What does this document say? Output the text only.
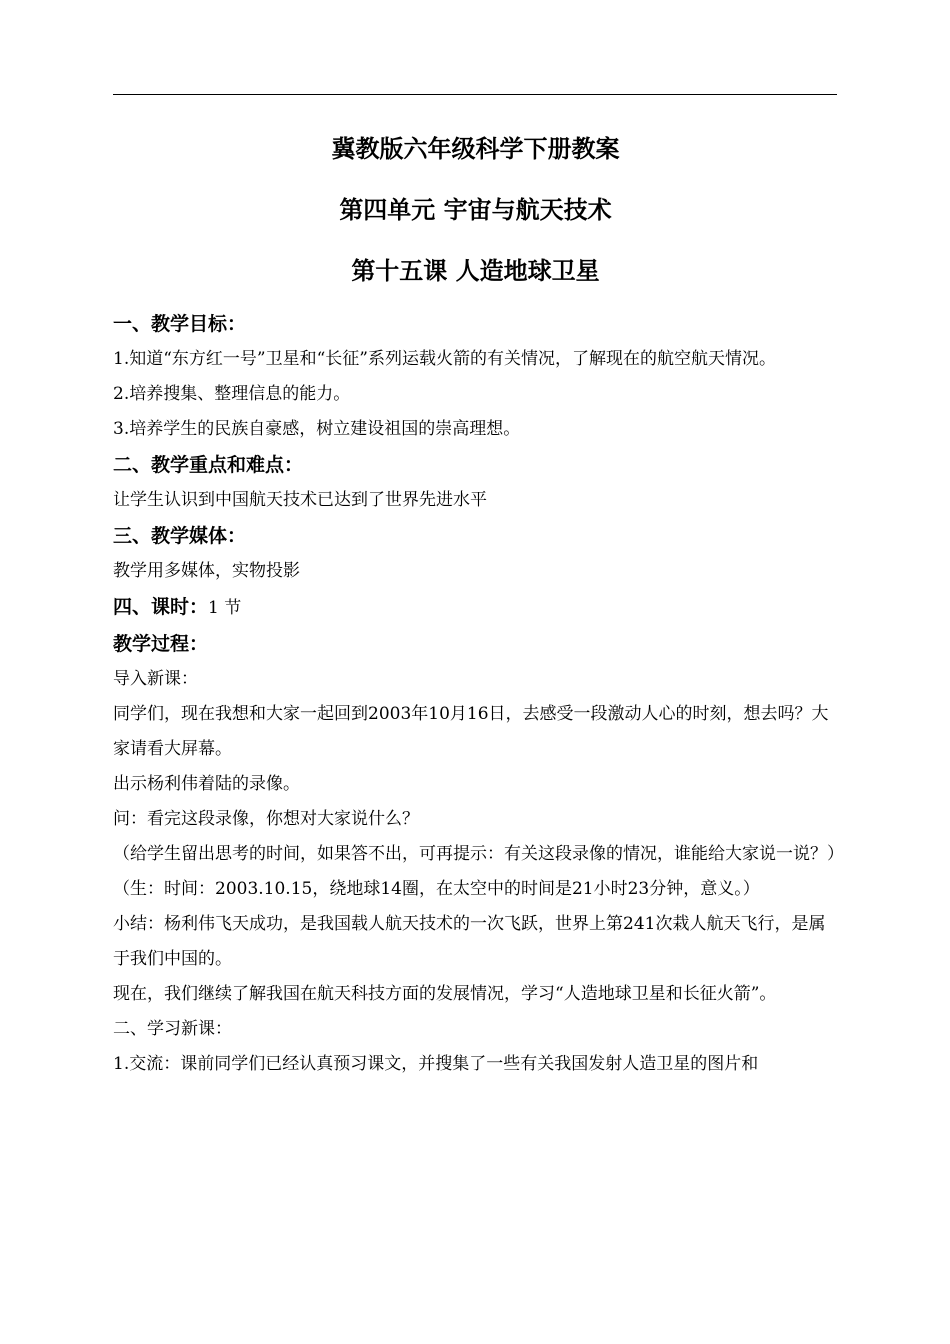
冀教版六年级科学下册教案

第四单元 宇宙与航天技术

第十五课 人造地球卫星

一、教学目标：

1.知道“东方红一号”卫星和“长征”系列运载火箭的有关情况，了解现在的航空航天情况。

2.培养搜集、整理信息的能力。

3.培养学生的民族自豪感，树立建设祖国的崇高理想。

二、教学重点和难点：

让学生认识到中国航天技术已达到了世界先进水平

三、教学媒体：

教学用多媒体，实物投影

四、课时：1 节

教学过程：

导入新课：

同学们，现在我想和大家一起回到2003年10月16日，去感受一段激动人心的时刻，想去吗？大家请看大屏幕。

出示杨利伟着陆的录像。

问：看完这段录像，你想对大家说什么？

（给学生留出思考的时间，如果答不出，可再提示：有关这段录像的情况，谁能给大家说一说？）（生：时间：2003.10.15，绕地球14圈，在太空中的时间是21小时23分钟，意义。）

小结：杨利伟飞天成功，是我国载人航天技术的一次飞跃，世界上第241次栽人航天飞行，是属于我们中国的。

现在，我们继续了解我国在航天科技方面的发展情况，学习“人造地球卫星和长征火箭”。

二、学习新课：

1.交流：课前同学们已经认真预习课文，并搜集了一些有关我国发射人造卫星的图片和
